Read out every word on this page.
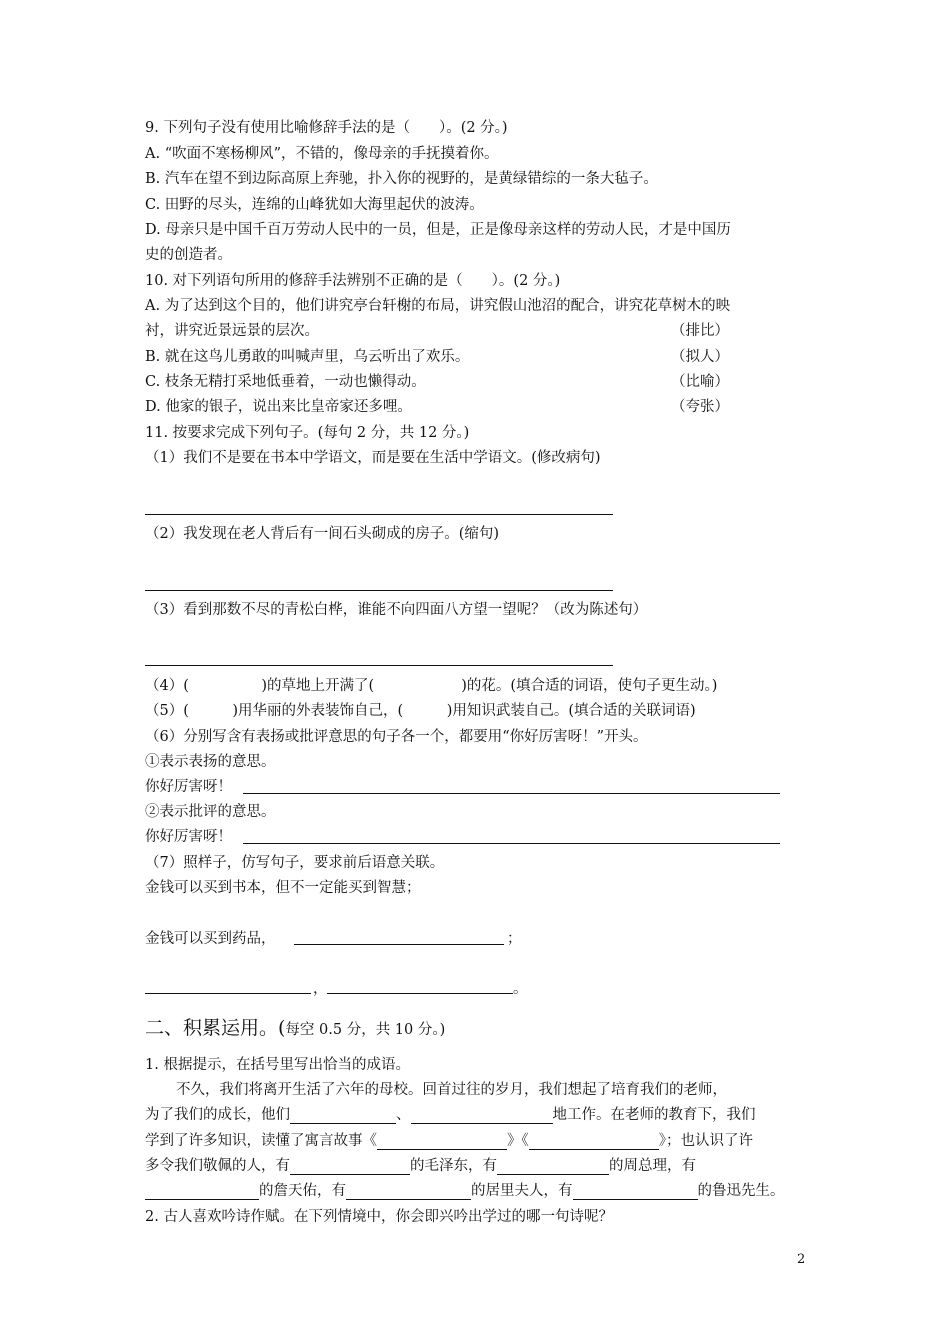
9. 下列句子没有使用比喻修辞手法的是（　　）。(2 分。)
A. “吹面不寒杨柳风”，不错的，像母亲的手抚摸着你。
B. 汽车在望不到边际高原上奔驰，扑入你的视野的，是黄绿错综的一条大毡子。
C. 田野的尽头，连绵的山峰犹如大海里起伏的波涛。
D. 母亲只是中国千百万劳动人民中的一员，但是，正是像母亲这样的劳动人民，才是中国历
史的创造者。
10. 对下列语句所用的修辞手法辨别不正确的是（　　）。(2 分。)
A. 为了达到这个目的，他们讲究亭台轩榭的布局，讲究假山池沼的配合，讲究花草树木的映
衬，讲究近景远景的层次。	（排比）
B. 就在这鸟儿勇敢的叫喊声里，乌云听出了欢乐。	（拟人）
C. 枝条无精打采地低垂着，一动也懒得动。	（比喻）
D. 他家的银子，说出来比皇帝家还多哩。	（夸张）
11. 按要求完成下列句子。(每句 2 分，共 12 分。)
（1）我们不是要在书本中学语文，而是要在生活中学语文。(修改病句)
（2）我发现在老人背后有一间石头砌成的房子。(缩句)
（3）看到那数不尽的青松白桦，谁能不向四面八方望一望呢？（改为陈述句）
（4）(　　　　　)的草地上开满了(　　　　　　)的花。(填合适的词语，使句子更生动。)
（5）(　　　)用华丽的外表装饰自己，(　　　)用知识武装自己。(填合适的关联词语)
（6）分别写含有表扬或批评意思的句子各一个，都要用“你好厉害呀！”开头。
①表示表扬的意思。
你好厉害呀！
②表示批评的意思。
你好厉害呀！
（7）照样子，仿写句子，要求前后语意关联。
金钱可以买到书本，但不一定能买到智慧；
金钱可以买到药品，	；
，	。
二、积累运用。(每空 0.5 分，共 10 分。)
1. 根据提示，在括号里写出恰当的成语。
不久，我们将离开生活了六年的母校。回首过往的岁月，我们想起了培育我们的老师，
为了我们的成长，他们	、	地工作。在老师的教育下，我们
学到了许多知识，读懂了寓言故事《	》《	》；也认识了许
多令我们敬佩的人，有	的毛泽东，有	的周总理，有
的詹天佑，有	的居里夫人，有	的鲁迅先生。
2. 古人喜欢吟诗作赋。在下列情境中，你会即兴吟出学过的哪一句诗呢？
2
